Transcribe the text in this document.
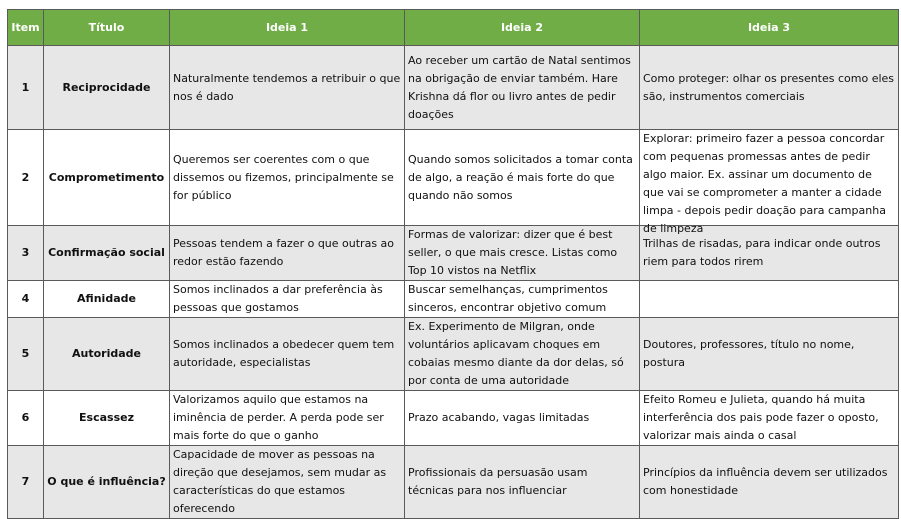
Item	Título	Ideia 1	Ideia 2	Ideia 3
1	Reciprocidade	Naturalmente tendemos a retribuir o que nos é dado	Ao receber um cartão de Natal sentimos na obrigação de enviar também. Hare Krishna dá flor ou livro antes de pedir doações	Como proteger: olhar os presentes como eles são, instrumentos comerciais
2	Comprometimento	Queremos ser coerentes com o que dissemos ou fizemos, principalmente se for público	Quando somos solicitados a tomar conta de algo, a reação é mais forte do que quando não somos	Explorar: primeiro fazer a pessoa concordar com pequenas promessas antes de pedir algo maior. Ex. assinar um documento de que vai se comprometer a manter a cidade limpa - depois pedir doação para campanha de limpeza

3	Confirmação social	Pessoas tendem a fazer o que outras ao redor estão fazendo	Formas de valorizar: dizer que é best seller, o que mais cresce. Listas como Top 10 vistos na Netflix	Trilhas de risadas, para indicar onde outros riem para todos rirem
4	Afinidade	Somos inclinados a dar preferência às pessoas que gostamos	Buscar semelhanças, cumprimentos sinceros, encontrar objetivo comum	
5	Autoridade	Somos inclinados a obedecer quem tem autoridade, especialistas	Ex. Experimento de Milgran, onde voluntários aplicavam choques em cobaias mesmo diante da dor delas, só por conta de uma autoridade	Doutores, professores, título no nome, postura
6	Escassez	Valorizamos aquilo que estamos na iminência de perder. A perda pode ser mais forte do que o ganho	Prazo acabando, vagas limitadas	Efeito Romeu e Julieta, quando há muita interferência dos pais pode fazer o oposto, valorizar mais ainda o casal
7	O que é influência?	Capacidade de mover as pessoas na direção que desejamos, sem mudar as características do que estamos oferecendo	Profissionais da persuasão usam técnicas para nos influenciar	Princípios da influência devem ser utilizados com honestidade
